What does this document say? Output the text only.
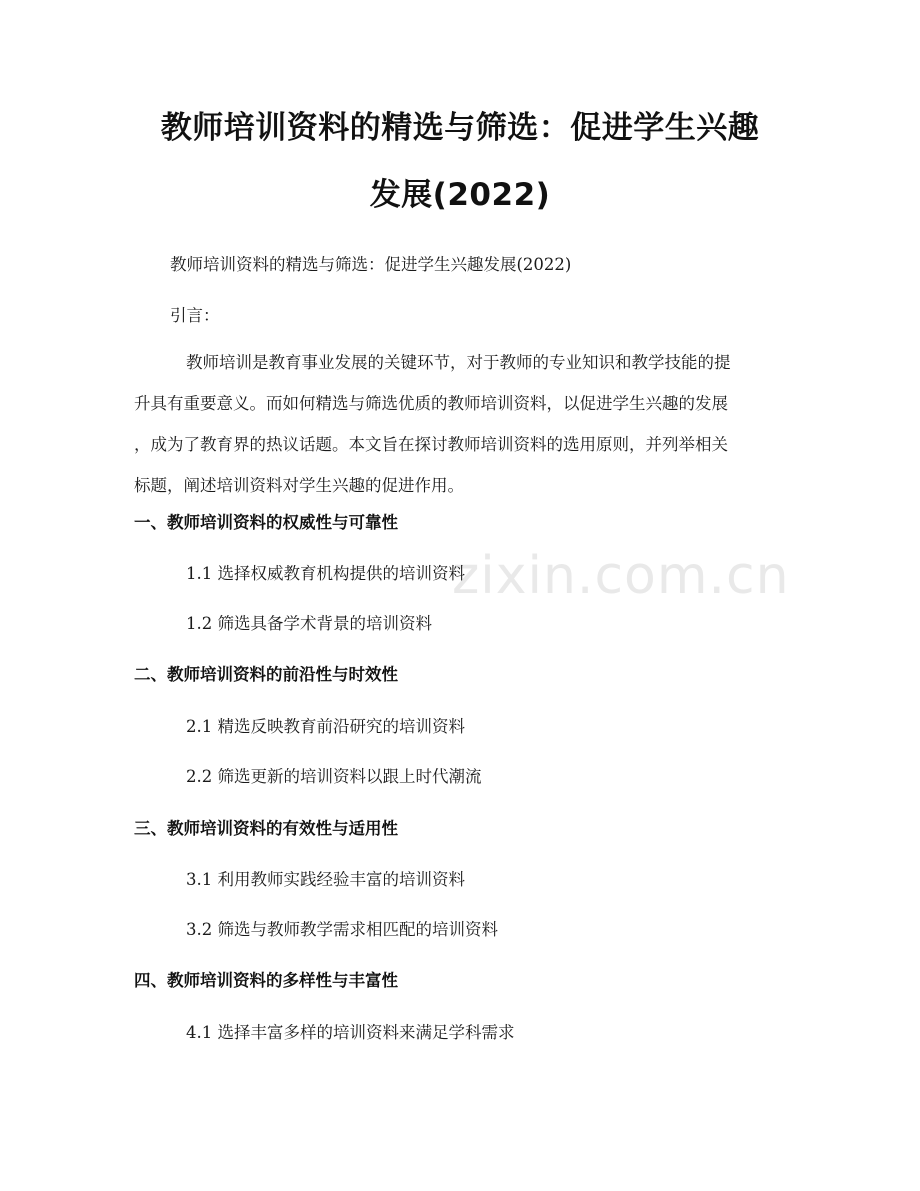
zixin.com.cn
教师培训资料的精选与筛选：促进学生兴趣
发展(2022)
教师培训资料的精选与筛选：促进学生兴趣发展(2022)
引言：
教师培训是教育事业发展的关键环节，对于教师的专业知识和教学技能的提
升具有重要意义。而如何精选与筛选优质的教师培训资料，以促进学生兴趣的发展
，成为了教育界的热议话题。本文旨在探讨教师培训资料的选用原则，并列举相关
标题，阐述培训资料对学生兴趣的促进作用。
一、教师培训资料的权威性与可靠性
1.1 选择权威教育机构提供的培训资料
1.2 筛选具备学术背景的培训资料
二、教师培训资料的前沿性与时效性
2.1 精选反映教育前沿研究的培训资料
2.2 筛选更新的培训资料以跟上时代潮流
三、教师培训资料的有效性与适用性
3.1 利用教师实践经验丰富的培训资料
3.2 筛选与教师教学需求相匹配的培训资料
四、教师培训资料的多样性与丰富性
4.1 选择丰富多样的培训资料来满足学科需求
